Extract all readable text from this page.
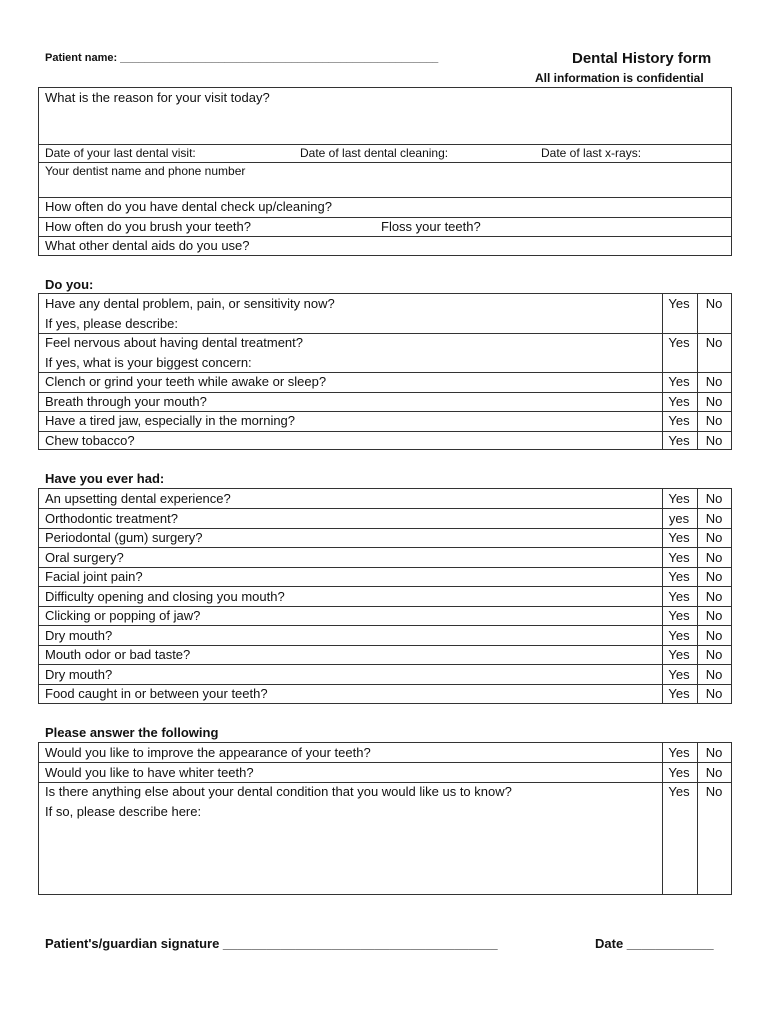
Patient name: ____________________________________________________	Dental History form
All information is confidential
What is the reason for your visit today?
Date of your last dental visit:	Date of last dental cleaning:	Date of last x-rays:
Your dentist name and phone number
How often do you have dental check up/cleaning?
How often do you brush your teeth?	Floss your teeth?
What other dental aids do you use?
Do you:
Have any dental problem, pain, or sensitivity now?	Yes	No
If yes, please describe:
Feel nervous about having dental treatment?	Yes	No
If yes, what is your biggest concern:
Clench or grind your teeth while awake or sleep?	Yes	No
Breath through your mouth?	Yes	No
Have a tired jaw, especially in the morning?	Yes	No
Chew tobacco?	Yes	No
Have you ever had:
An upsetting dental experience?	Yes	No
Orthodontic treatment?	yes	No
Periodontal (gum) surgery?	Yes	No
Oral surgery?	Yes	No
Facial joint pain?	Yes	No
Difficulty opening and closing you mouth?	Yes	No
Clicking or popping of jaw?	Yes	No
Dry mouth?	Yes	No
Mouth odor or bad taste?	Yes	No
Dry mouth?	Yes	No
Food caught in or between your teeth?	Yes	No
Please answer the following
Would you like to improve the appearance of your teeth?	Yes	No
Would you like to have whiter teeth?	Yes	No
Is there anything else about your dental condition that you would like us to know?	Yes	No
If so, please describe here:
Patient's/guardian signature ______________________________________	Date ____________
